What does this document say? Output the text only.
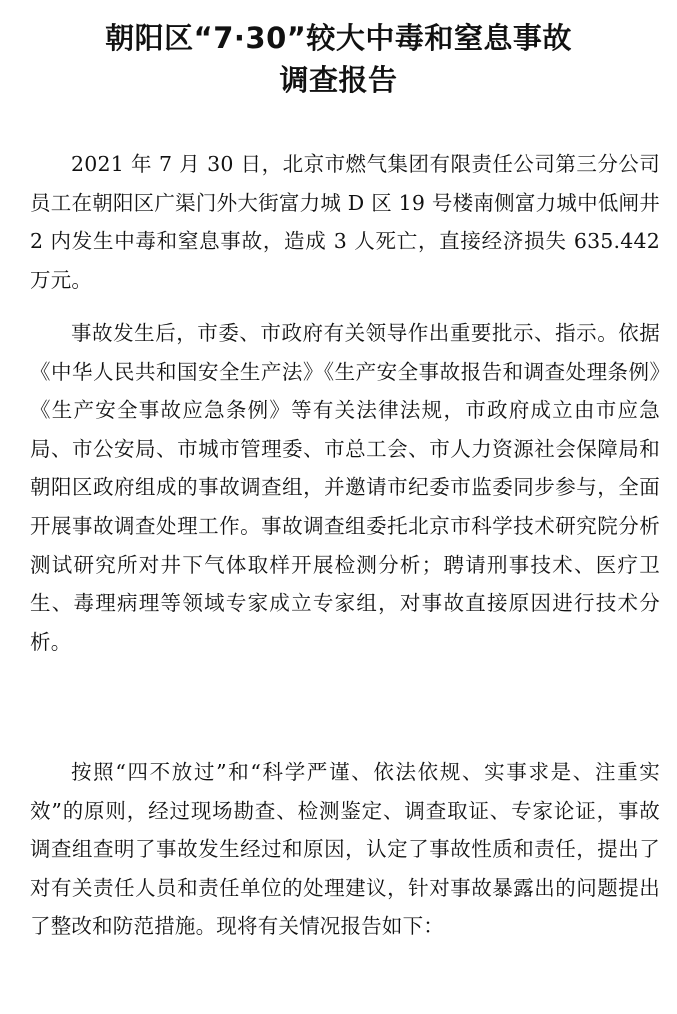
朝阳区“7·30”较大中毒和窒息事故
调查报告

2021 年 7 月 30 日，北京市燃气集团有限责任公司第三分公司员工在朝阳区广渠门外大街富力城 D 区 19 号楼南侧富力城中低闸井 2 内发生中毒和窒息事故，造成 3 人死亡，直接经济损失 635.442 万元。

事故发生后，市委、市政府有关领导作出重要批示、指示。依据《中华人民共和国安全生产法》《生产安全事故报告和调查处理条例》《生产安全事故应急条例》等有关法律法规，市政府成立由市应急局、市公安局、市城市管理委、市总工会、市人力资源社会保障局和朝阳区政府组成的事故调查组，并邀请市纪委市监委同步参与，全面开展事故调查处理工作。事故调查组委托北京市科学技术研究院分析测试研究所对井下气体取样开展检测分析；聘请刑事技术、医疗卫生、毒理病理等领域专家成立专家组，对事故直接原因进行技术分析。

按照“四不放过”和“科学严谨、依法依规、实事求是、注重实效”的原则，经过现场勘查、检测鉴定、调查取证、专家论证，事故调查组查明了事故发生经过和原因，认定了事故性质和责任，提出了对有关责任人员和责任单位的处理建议，针对事故暴露出的问题提出了整改和防范措施。现将有关情况报告如下：
